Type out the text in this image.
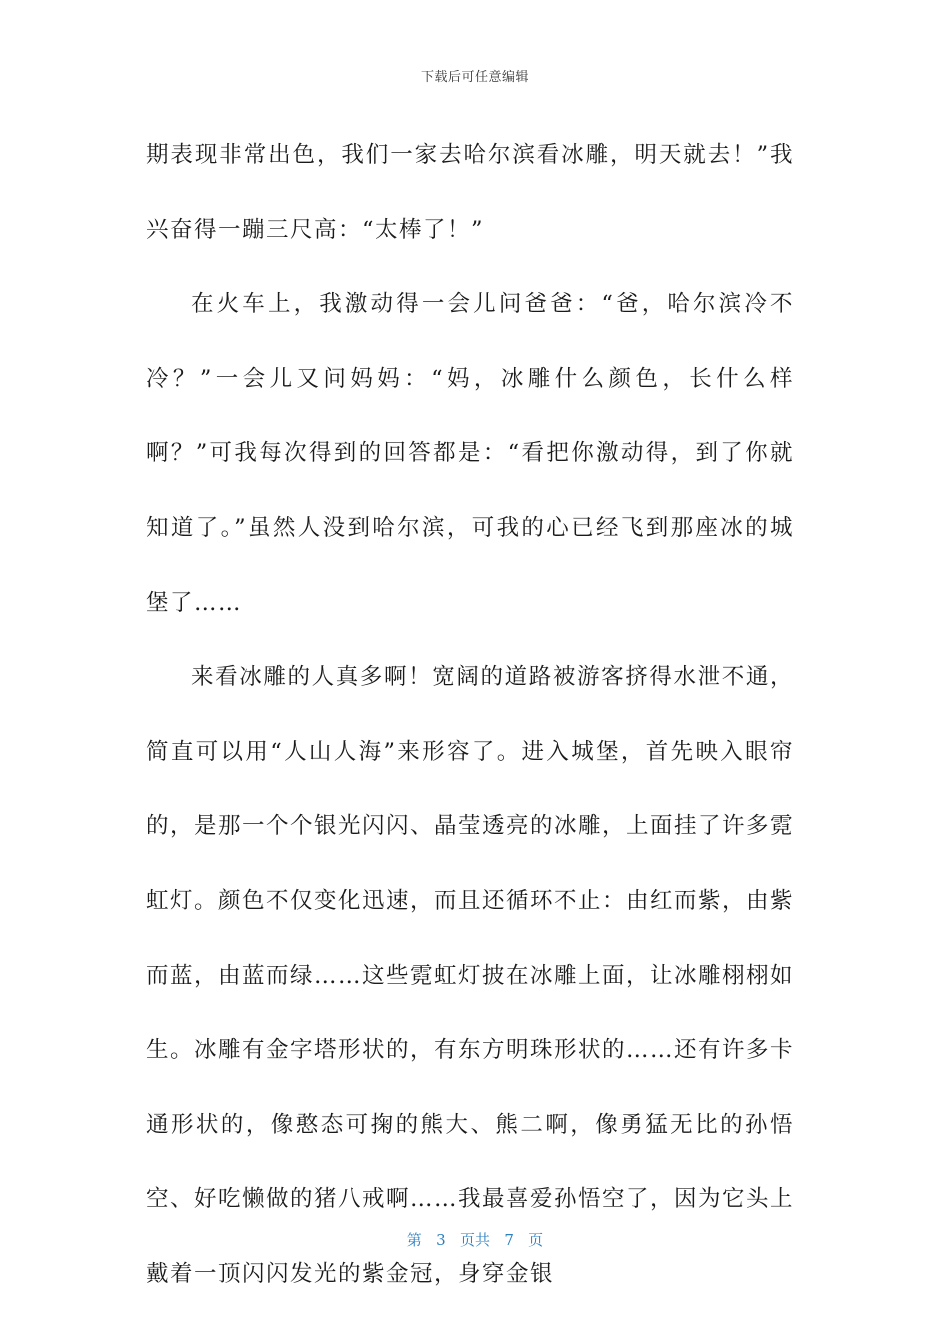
下载后可任意编辑

期表现非常出色，我们一家去哈尔滨看冰雕，明天就去！”我兴奋得一蹦三尺高：“太棒了！”

在火车上，我激动得一会儿问爸爸：“爸，哈尔滨冷不冷？”一会儿又问妈妈：“妈，冰雕什么颜色，长什么样啊？”可我每次得到的回答都是：“看把你激动得，到了你就知道了。”虽然人没到哈尔滨，可我的心已经飞到那座冰的城堡了……

来看冰雕的人真多啊！宽阔的道路被游客挤得水泄不通，简直可以用“人山人海”来形容了。进入城堡，首先映入眼帘的，是那一个个银光闪闪、晶莹透亮的冰雕，上面挂了许多霓虹灯。颜色不仅变化迅速，而且还循环不止：由红而紫，由紫而蓝，由蓝而绿……这些霓虹灯披在冰雕上面，让冰雕栩栩如生。冰雕有金字塔形状的，有东方明珠形状的……还有许多卡通形状的，像憨态可掬的熊大、熊二啊，像勇猛无比的孙悟空、好吃懒做的猪八戒啊……我最喜爱孙悟空了，因为它头上戴着一顶闪闪发光的紫金冠，身穿金银

第 3 页共 7 页
